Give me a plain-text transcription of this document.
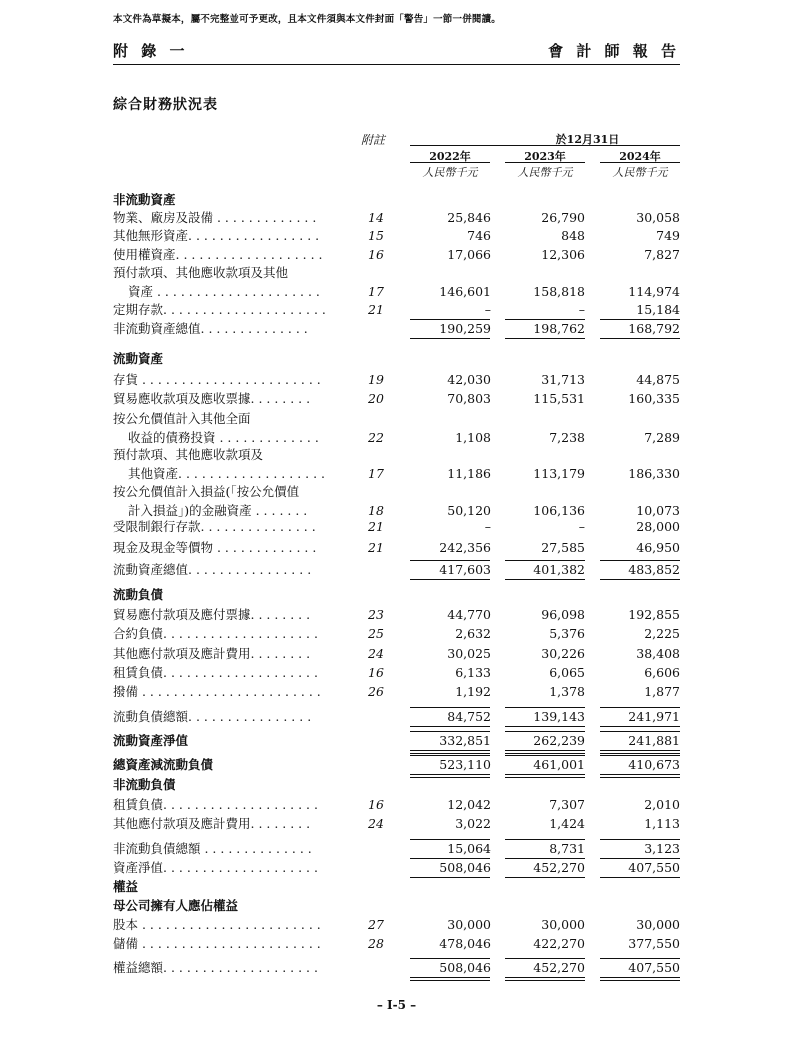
本文件為草擬本，屬不完整並可予更改，且本文件須與本文件封面「警告」一節一併閱讀。
附 錄 一	會 計 師 報 告
綜合財務狀況表
附註	於12月31日
2022年	2023年	2024年
人民幣千元	人民幣千元	人民幣千元
非流動資產
物業、廠房及設備 . . . . . . . . . . . . .	14	25,846	26,790	30,058
其他無形資產. . . . . . . . . . . . . . . . .	15	746	848	749
使用權資產. . . . . . . . . . . . . . . . . . .	16	17,066	12,306	7,827
預付款項、其他應收款項及其他
資產 . . . . . . . . . . . . . . . . . . . . .	17	146,601	158,818	114,974
定期存款. . . . . . . . . . . . . . . . . . . . .	21	–	–	15,184
非流動資產總值. . . . . . . . . . . . . .	190,259	198,762	168,792
流動資產
存貨 . . . . . . . . . . . . . . . . . . . . . . .	19	42,030	31,713	44,875
貿易應收款項及應收票據. . . . . . . .	20	70,803	115,531	160,335
按公允價值計入其他全面
收益的債務投資 . . . . . . . . . . . . .	22	1,108	7,238	7,289
預付款項、其他應收款項及
其他資產. . . . . . . . . . . . . . . . . . .	17	11,186	113,179	186,330
按公允價值計入損益(「按公允價值
計入損益」)的金融資產 . . . . . . .	18	50,120	106,136	10,073
受限制銀行存款. . . . . . . . . . . . . . .	21	–	–	28,000
現金及現金等價物 . . . . . . . . . . . . .	21	242,356	27,585	46,950
流動資產總值. . . . . . . . . . . . . . . .	417,603	401,382	483,852
流動負債
貿易應付款項及應付票據. . . . . . . .	23	44,770	96,098	192,855
合約負債. . . . . . . . . . . . . . . . . . . .	25	2,632	5,376	2,225
其他應付款項及應計費用. . . . . . . .	24	30,025	30,226	38,408
租賃負債. . . . . . . . . . . . . . . . . . . .	16	6,133	6,065	6,606
撥備 . . . . . . . . . . . . . . . . . . . . . . .	26	1,192	1,378	1,877
流動負債總額. . . . . . . . . . . . . . . .	84,752	139,143	241,971
流動資產淨值	332,851	262,239	241,881
總資產減流動負債	523,110	461,001	410,673
非流動負債
租賃負債. . . . . . . . . . . . . . . . . . . .	16	12,042	7,307	2,010
其他應付款項及應計費用. . . . . . . .	24	3,022	1,424	1,113
非流動負債總額 . . . . . . . . . . . . . .	15,064	8,731	3,123
資產淨值. . . . . . . . . . . . . . . . . . . .	508,046	452,270	407,550
權益
母公司擁有人應佔權益
股本 . . . . . . . . . . . . . . . . . . . . . . .	27	30,000	30,000	30,000
儲備 . . . . . . . . . . . . . . . . . . . . . . .	28	478,046	422,270	377,550
權益總額. . . . . . . . . . . . . . . . . . . .	508,046	452,270	407,550
– I-5 –
